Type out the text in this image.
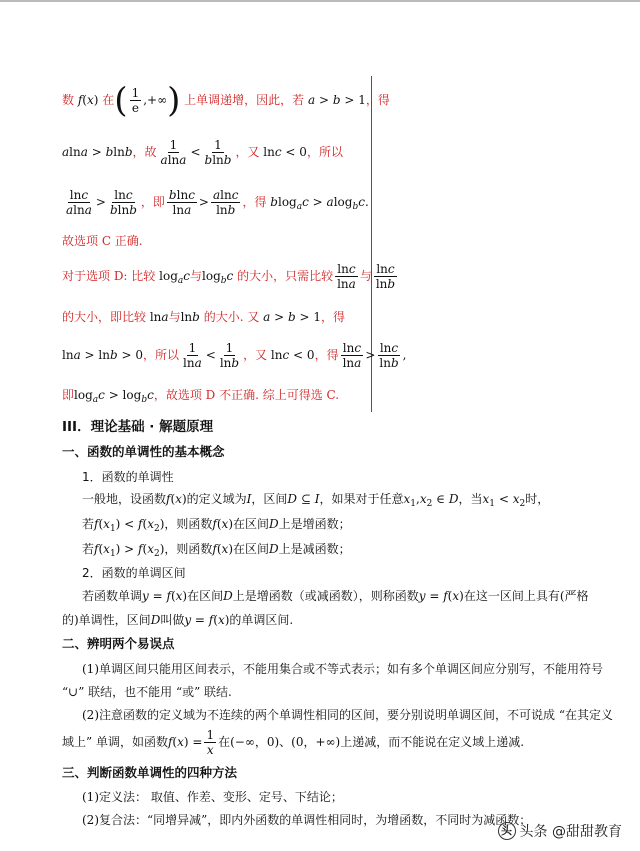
数 f(x) 在( $\frac{1}{e}$ ,+∞) 上单调递增，因此，若 a > b > 1，得
alna > blnb，故 $\frac{1}{alna} < \frac{1}{blnb}$ ，又 lnc < 0，所以
$\frac{\ln c}{alna} > \frac{\ln c}{blnb}$ ，即 $\frac{blnc}{\ln a} > \frac{alnc}{\ln b}$ ，得 blog$_a$c > alog$_b$c.
故选项 C 正确.
对于选项 D: 比较 $\log_ac$与$\log_bc$ 的大小，只需比较 $\frac{\ln c}{\ln a}$ 与 $\frac{\ln c}{\ln b}$
的大小，即比较 lna与lnb 的大小. 又 a > b > 1，得
lna > lnb > 0，所以 $\frac{1}{\ln a} < \frac{1}{\ln b}$ ，又 lnc < 0，得 $\frac{\ln c}{\ln a} > \frac{\ln c}{\ln b}$ ,
即$\log_ac > \log_bc$，故选项 D 不正确. 综上可得选 C.
III．理论基础 · 解题原理
一、函数的单调性的基本概念
1．函数的单调性
一般地，设函数f(x)的定义域为I，区间D ⊆ I，如果对于任意$x_1,x_2$ ∈ D，当$x_1 < x_2$时，
若$f(x_1) < f(x_2)$，则函数f(x)在区间D上是增函数；
若$f(x_1) > f(x_2)$，则函数f(x)在区间D上是减函数；
2．函数的单调区间
若函数单调y = f(x)在区间D上是增函数（或减函数），则称函数y = f(x)在这一区间上具有(严格
的)单调性，区间D叫做y = f(x)的单调区间.
二、辨明两个易误点
(1)单调区间只能用区间表示，不能用集合或不等式表示；如有多个单调区间应分别写，不能用符号
“∪” 联结，也不能用 “或” 联结.
(2)注意函数的定义域为不连续的两个单调性相同的区间，要分别说明单调区间，不可说成 “在其定义
域上” 单调，如函数$f(x) = \frac{1}{x}$ 在(−∞，0)、(0，+∞)上递减，而不能说在定义域上递减.
三、判断函数单调性的四种方法
(1)定义法： 取值、作差、变形、定号、下结论；
(2)复合法：“同增异减”，即内外函数的单调性相同时，为增函数，不同时为减函数；
头 头条 @甜甜教育
